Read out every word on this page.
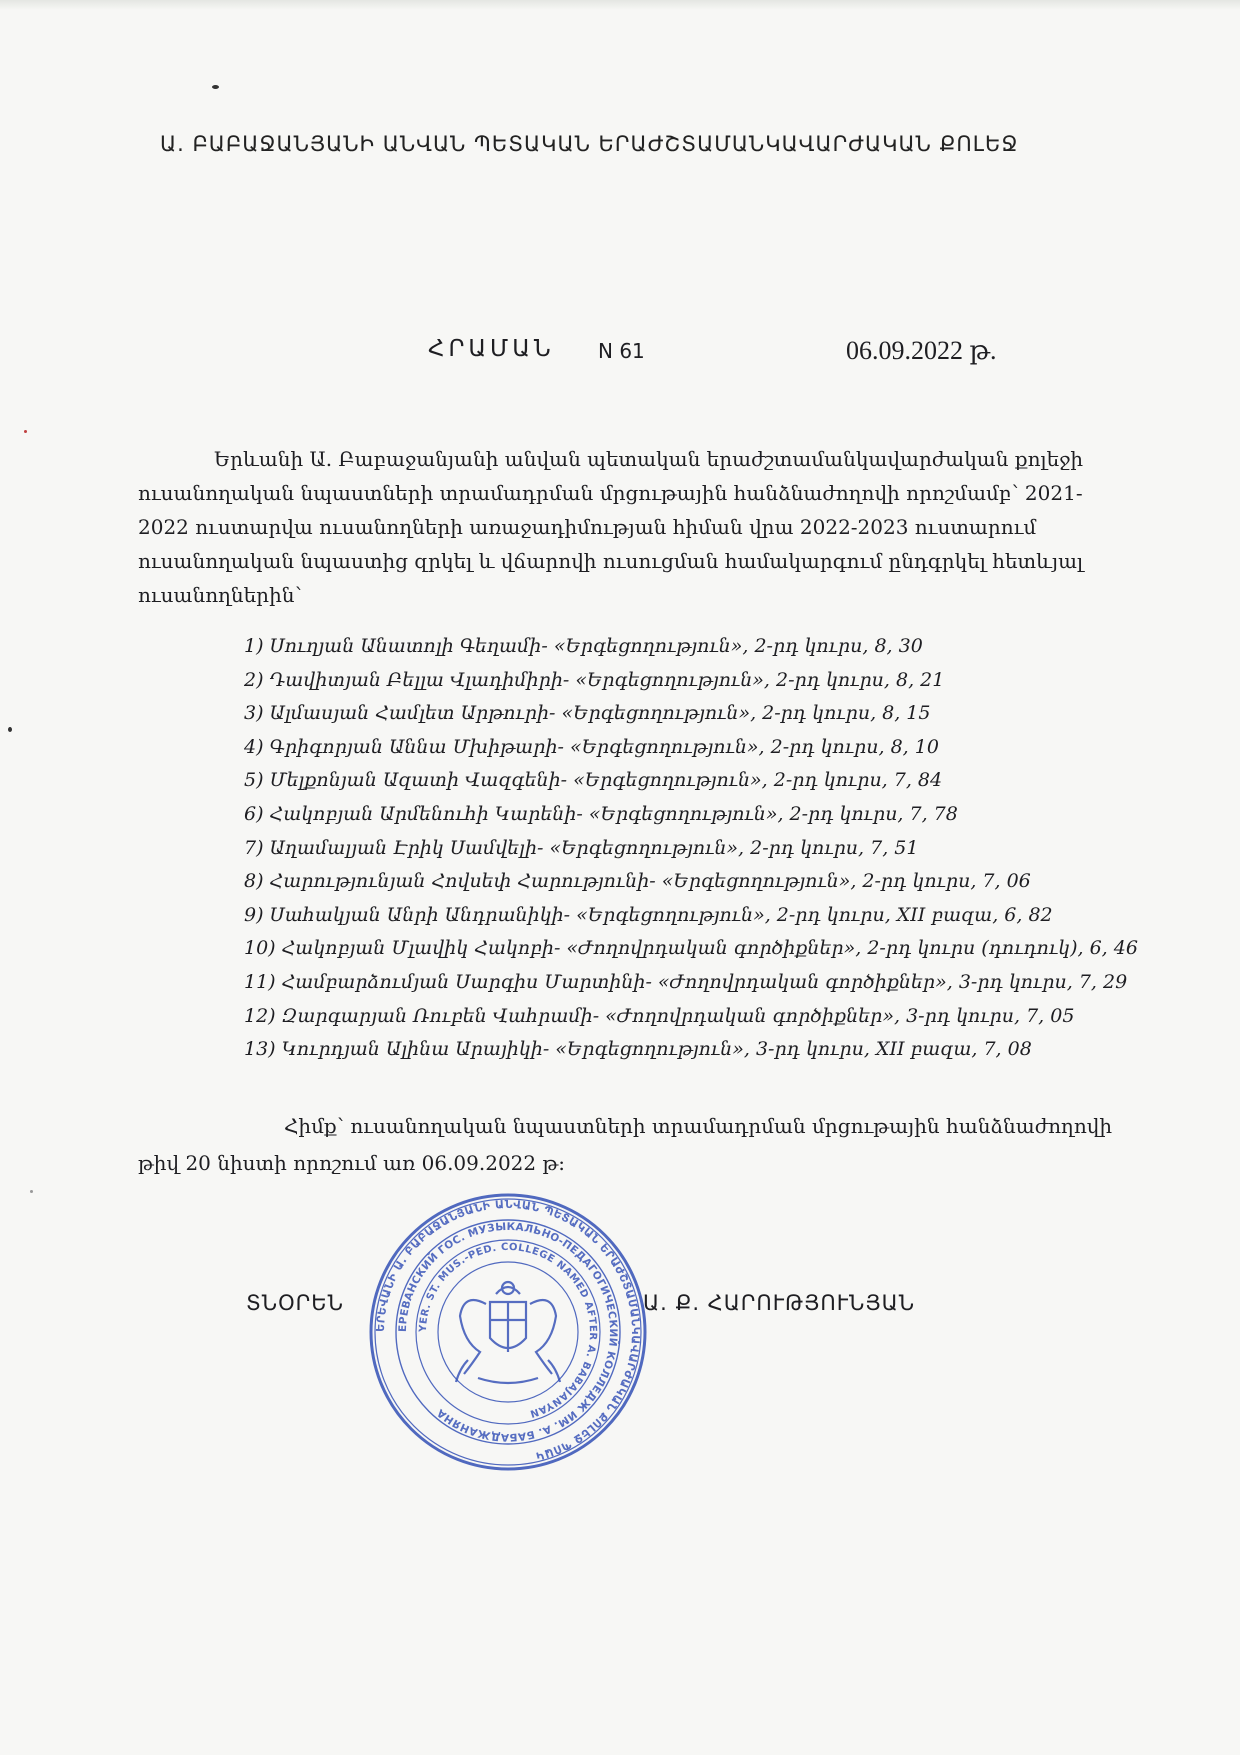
Ա. ԲԱԲԱՋԱՆՅԱՆԻ ԱՆՎԱՆ ՊԵՏԱԿԱՆ ԵՐԱԺՇՏԱՄԱՆԿԱՎԱՐԺԱԿԱՆ ՔՈԼԵՋ
ՀՐԱՄԱՆ N 61	06.09.2022 թ.

Երևանի Ա. Բաբաջանյանի անվան պետական երաժշտամանկավարժական քոլեջի
ուսանողական նպաստների տրամադրման մրցութային հանձնաժողովի որոշմամբ՝ 2021-
2022 ուստարվա ուսանողների առաջադիմության հիման վրա 2022-2023 ուստարում
ուսանողական նպաստից զրկել և վճարովի ուսուցման համակարգում ընդգրկել հետևյալ
ուսանողներին՝

1) Սուղյան Անատոլի Գեղամի- «Երգեցողություն», 2-րդ կուրս, 8, 30
2) Դավիտյան Բելլա Վլադիմիրի- «Երգեցողություն», 2-րդ կուրս, 8, 21
3) Ալմասյան Համլետ Արթուրի- «Երգեցողություն», 2-րդ կուրս, 8, 15
4) Գրիգորյան Աննա Մխիթարի- «Երգեցողություն», 2-րդ կուրս, 8, 10
5) Մելքոնյան Ազատի Վազգենի- «Երգեցողություն», 2-րդ կուրս, 7, 84
6) Հակոբյան Արմենուհի Կարենի- «Երգեցողություն», 2-րդ կուրս, 7, 78
7) Աղամալյան Էրիկ Սամվելի- «Երգեցողություն», 2-րդ կուրս, 7, 51
8) Հարությունյան Հովսեփ Հարությունի- «Երգեցողություն», 2-րդ կուրս, 7, 06
9) Սահակյան Անրի Անդրանիկի- «Երգեցողություն», 2-րդ կուրս, XII բազա, 6, 82
10) Հակոբյան Մլավիկ Հակոբի- «Ժողովրդական գործիքներ», 2-րդ կուրս (դուդուկ), 6, 46
11) Համբարձումյան Սարգիս Մարտինի- «Ժողովրդական գործիքներ», 3-րդ կուրս, 7, 29
12) Զարգարյան Ռուբեն Վահրամի- «Ժողովրդական գործիքներ», 3-րդ կուրս, 7, 05
13) Կուրդյան Ալինա Արայիկի- «Երգեցողություն», 3-րդ կուրս, XII բազա, 7, 08

Հիմք՝ ուսանողական նպաստների տրամադրման մրցութային հանձնաժողովի
թիվ 20 նիստի որոշում առ 06.09.2022 թ:

ՏՆՕՐԵՆ
ԵՐԵՎԱՆԻ Ա. ԲԱԲԱՋԱՆՅԱՆԻ ԱՆՎԱՆ ՊԵՏԱԿԱՆ ԵՐԱԺՇՏԱՄԱՆԿԱՎԱՐԺԱԿԱՆ ՔՈԼԵՋ ՊՈԱԿ
ЕРЕВАНСКИЙ ГОС. МУЗЫКАЛЬНО-ПЕДАГОГИЧЕСКИЙ КОЛЛЕДЖ ИМ. А. БАБАДЖАНЯНА
YER. ST. MUS.-PED. COLLEGE NAMED AFTER A. BABAJANYAN
Ա. Ք. ՀԱՐՈՒԹՅՈՒՆՅԱՆ
